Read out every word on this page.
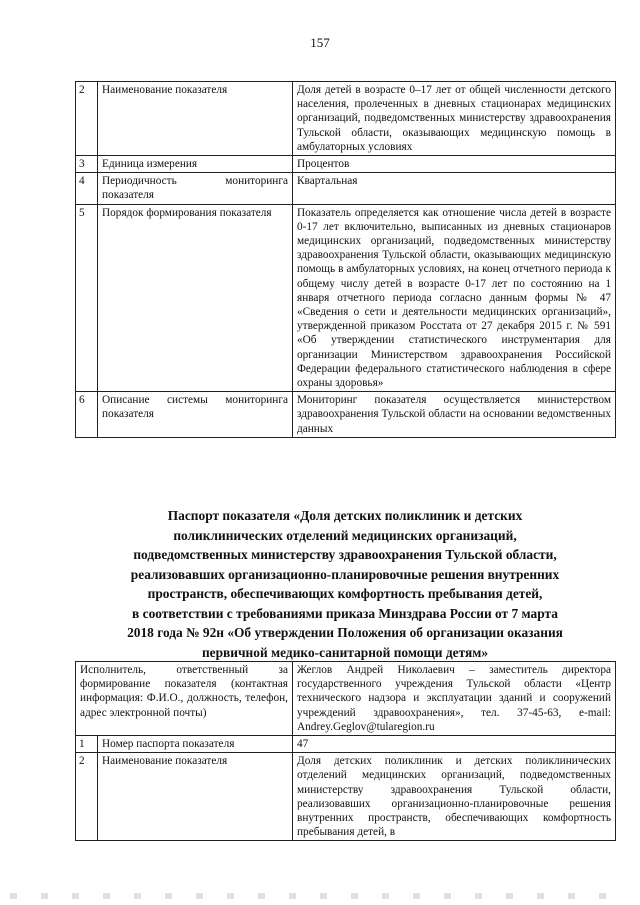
157
2	Наименование показателя	Доля детей в возрасте 0–17 лет от общей численности детского населения, пролеченных в дневных стационарах медицинских организаций, подведомственных министерству здравоохранения Тульской области, оказывающих медицинскую помощь в амбулаторных условиях
3	Единица измерения	Процентов
4	Периодичность мониторинга показателя	Квартальная
5	Порядок формирования показателя	Показатель определяется как отношение числа детей в возрасте 0-17 лет включительно, выписанных из дневных стационаров медицинских организаций, подведомственных министерству здравоохранения Тульской области, оказывающих медицинскую помощь в амбулаторных условиях, на конец отчетного периода к общему числу детей в возрасте 0-17 лет по состоянию на 1 января отчетного периода согласно данным формы № 47 «Сведения о сети и деятельности медицинских организаций», утвержденной приказом Росстата от 27 декабря 2015 г. № 591 «Об утверждении статистического инструментария для организации Министерством здравоохранения Российской Федерации федерального статистического наблюдения в сфере охраны здоровья»
6	Описание системы мониторинга показателя	Мониторинг показателя осуществляется министерством здравоохранения Тульской области на основании ведомственных данных
Паспорт показателя «Доля детских поликлиник и детских
поликлинических отделений медицинских организаций,
подведомственных министерству здравоохранения Тульской области,
реализовавших организационно-планировочные решения внутренних
пространств, обеспечивающих комфортность пребывания детей,
в соответствии с требованиями приказа Минздрава России от 7 марта
2018 года № 92н «Об утверждении Положения об организации оказания
первичной медико-санитарной помощи детям»
Исполнитель, ответственный за формирование показателя (контактная информация: Ф.И.О., должность, телефон, адрес электронной почты)		Жеглов Андрей Николаевич – заместитель директора государственного учреждения Тульской области «Центр технического надзора и эксплуатации зданий и сооружений учреждений здравоохранения», тел. 37-45-63, e-mail: Andrey.Geglov@tularegion.ru
1	Номер паспорта показателя	47
2	Наименование показателя	Доля детских поликлиник и детских поликлинических отделений медицинских организаций, подведомственных министерству здравоохранения Тульской области, реализовавших организационно-планировочные решения внутренних пространств, обеспечивающих комфортность пребывания детей, в
